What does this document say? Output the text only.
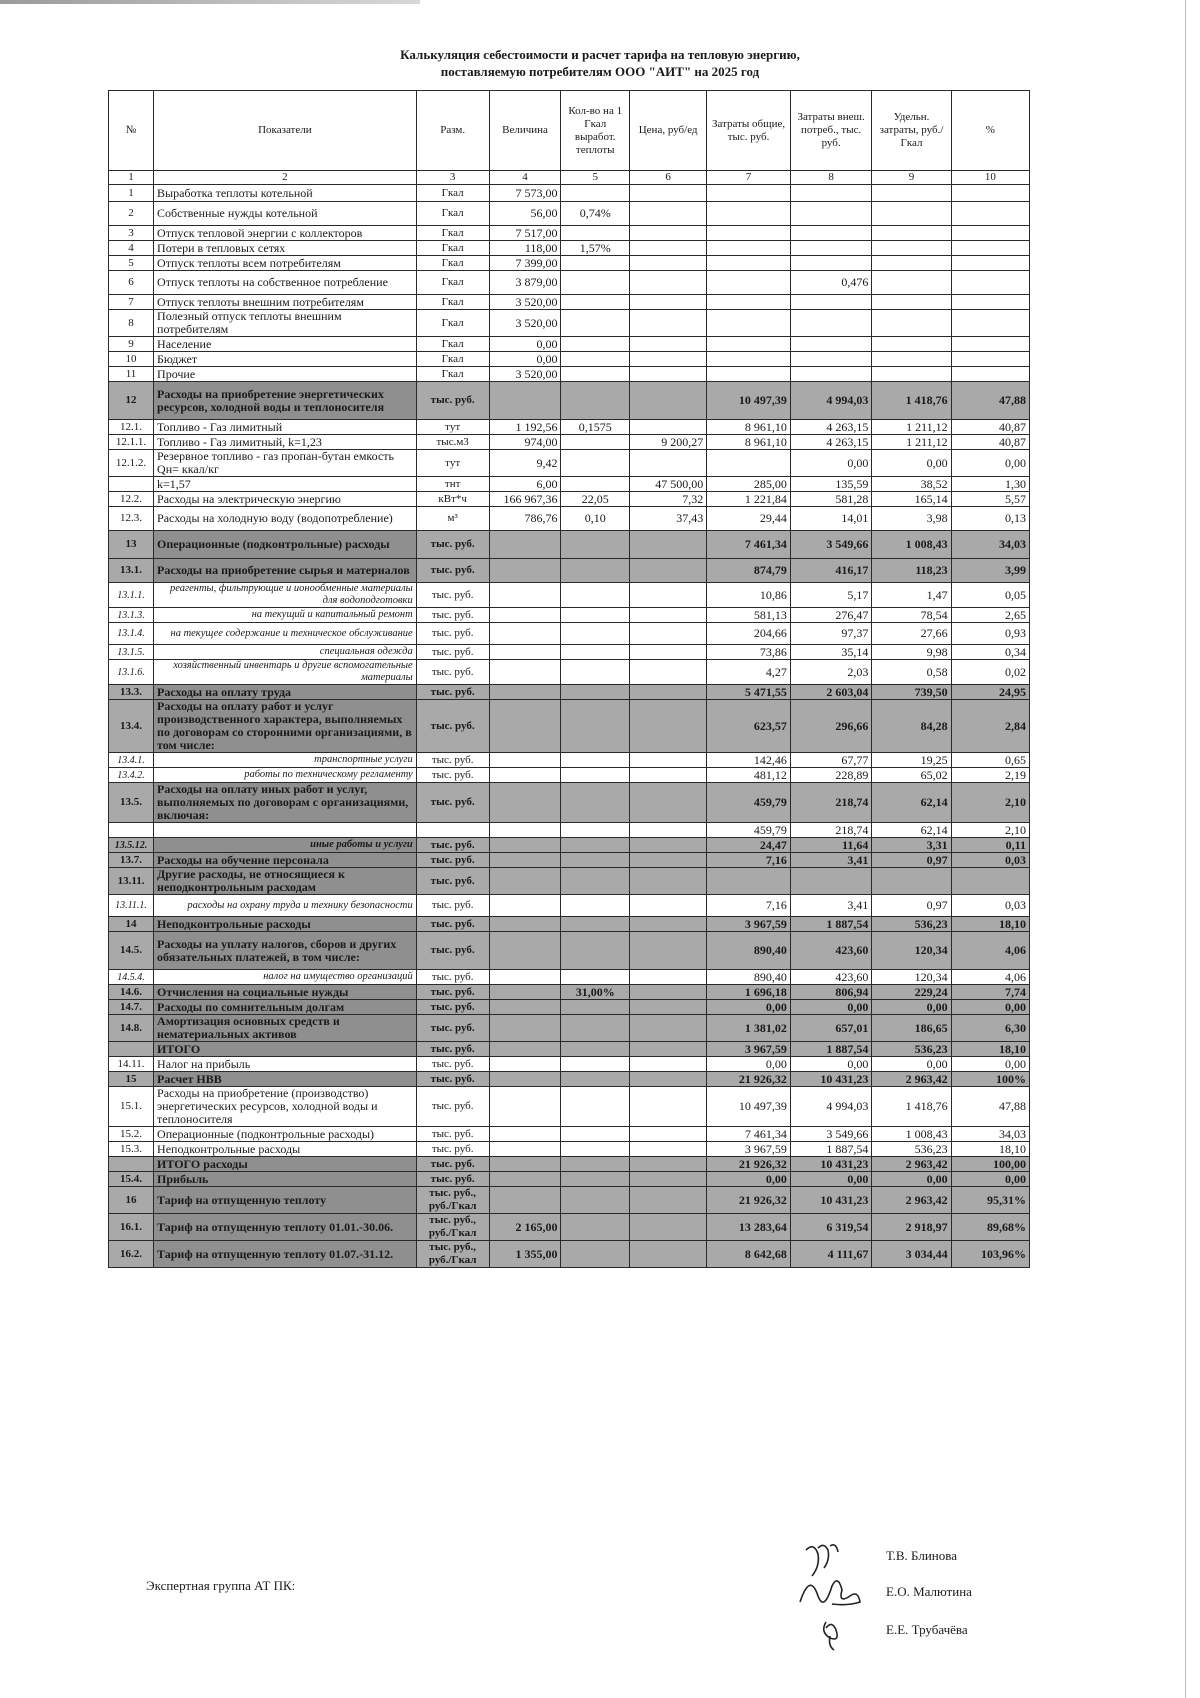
Калькуляция себестоимости и расчет тарифа на тепловую энергию,
поставляемую потребителям ООО "АИТ" на 2025 год
№	Показатели	Разм.	Величина	Кол-во на 1 Гкал выработ. теплоты	Цена, руб/ед	Затраты общие, тыс. руб.	Затраты внеш. потреб., тыс. руб.	Удельн. затраты, руб./Гкал	%
1	2	3	4	5	6	7	8	9	10
1	Выработка теплоты котельной	Гкал	7 573,00						
2	Собственные нужды котельной	Гкал	56,00	0,74%					
3	Отпуск тепловой энергии с коллекторов	Гкал	7 517,00						
4	Потери в тепловых сетях	Гкал	118,00	1,57%					
5	Отпуск теплоты всем потребителям	Гкал	7 399,00						
6	Отпуск теплоты на собственное потребление	Гкал	3 879,00				0,476		
7	Отпуск теплоты внешним потребителям	Гкал	3 520,00						
8	Полезный отпуск теплоты внешним потребителям	Гкал	3 520,00						
9	Население	Гкал	0,00						
10	Бюджет	Гкал	0,00						
11	Прочие	Гкал	3 520,00						
12	Расходы на приобретение энергетических ресурсов, холодной воды и теплоносителя	тыс. руб.				10 497,39	4 994,03	1 418,76	47,88
12.1.	Топливо - Газ лимитный	тут	1 192,56	0,1575		8 961,10	4 263,15	1 211,12	40,87
12.1.1.	Топливо - Газ лимитный, k=1,23	тыс.м3	974,00		9 200,27	8 961,10	4 263,15	1 211,12	40,87
12.1.2.	Резервное топливо - газ пропан-бутан емкость Qн= ккал/кг	тут	9,42				0,00	0,00	0,00
	k=1,57	тнт	6,00		47 500,00	285,00	135,59	38,52	1,30
12.2.	Расходы на электрическую энергию	кВт*ч	166 967,36	22,05	7,32	1 221,84	581,28	165,14	5,57
12.3.	Расходы на холодную воду (водопотребление)	м³	786,76	0,10	37,43	29,44	14,01	3,98	0,13
13	Операционные (подконтрольные) расходы	тыс. руб.				7 461,34	3 549,66	1 008,43	34,03
13.1.	Расходы на приобретение сырья и материалов	тыс. руб.				874,79	416,17	118,23	3,99
13.1.1.	реагенты, фильтрующие и ионообменные материалы для водоподготовки	тыс. руб.				10,86	5,17	1,47	0,05
13.1.3.	на текущий и капитальный ремонт	тыс. руб.				581,13	276,47	78,54	2,65
13.1.4.	на текущее содержание и техническое обслуживание	тыс. руб.				204,66	97,37	27,66	0,93
13.1.5.	специальная одежда	тыс. руб.				73,86	35,14	9,98	0,34
13.1.6.	хозяйственный инвентарь и другие вспомогательные материалы	тыс. руб.				4,27	2,03	0,58	0,02
13.3.	Расходы на оплату труда	тыс. руб.				5 471,55	2 603,04	739,50	24,95
13.4.	Расходы на оплату работ и услуг производственного характера, выполняемых по договорам со сторонними организациями, в том числе:	тыс. руб.				623,57	296,66	84,28	2,84
13.4.1.	транспортные услуги	тыс. руб.				142,46	67,77	19,25	0,65
13.4.2.	работы по техническому регламенту	тыс. руб.				481,12	228,89	65,02	2,19
13.5.	Расходы на оплату иных работ и услуг, выполняемых по договорам с организациями, включая:	тыс. руб.				459,79	218,74	62,14	2,10
						459,79	218,74	62,14	2,10
13.5.12.	иные работы и услуги	тыс. руб.				24,47	11,64	3,31	0,11
13.7.	Расходы на обучение персонала	тыс. руб.				7,16	3,41	0,97	0,03
13.11.	Другие расходы, не относящиеся к неподконтрольным расходам	тыс. руб.							
13.11.1.	расходы на охрану труда и технику безопасности	тыс. руб.				7,16	3,41	0,97	0,03
14	Неподконтрольные расходы	тыс. руб.				3 967,59	1 887,54	536,23	18,10
14.5.	Расходы на уплату налогов, сборов и других обязательных платежей, в том числе:	тыс. руб.				890,40	423,60	120,34	4,06
14.5.4.	налог на имущество организаций	тыс. руб.				890,40	423,60	120,34	4,06
14.6.	Отчисления на социальные нужды	тыс. руб.		31,00%		1 696,18	806,94	229,24	7,74
14.7.	Расходы по сомнительным долгам	тыс. руб.				0,00	0,00	0,00	0,00
14.8.	Амортизация основных средств и нематериальных активов	тыс. руб.				1 381,02	657,01	186,65	6,30
	ИТОГО	тыс. руб.				3 967,59	1 887,54	536,23	18,10
14.11.	Налог на прибыль	тыс. руб.				0,00	0,00	0,00	0,00
15	Расчет НВВ	тыс. руб.				21 926,32	10 431,23	2 963,42	100%
15.1.	Расходы на приобретение (производство) энергетических ресурсов, холодной воды и теплоносителя	тыс. руб.				10 497,39	4 994,03	1 418,76	47,88
15.2.	Операционные (подконтрольные расходы)	тыс. руб.				7 461,34	3 549,66	1 008,43	34,03
15.3.	Неподконтрольные расходы	тыс. руб.				3 967,59	1 887,54	536,23	18,10
	ИТОГО расходы	тыс. руб.				21 926,32	10 431,23	2 963,42	100,00
15.4.	Прибыль	тыс. руб.				0,00	0,00	0,00	0,00
16	Тариф на отпущенную теплоту	тыс. руб., руб./Гкал				21 926,32	10 431,23	2 963,42	95,31%
16.1.	Тариф на отпущенную теплоту 01.01.-30.06.	тыс. руб., руб./Гкал	2 165,00			13 283,64	6 319,54	2 918,97	89,68%
16.2.	Тариф на отпущенную теплоту 01.07.-31.12.	тыс. руб., руб./Гкал	1 355,00			8 642,68	4 111,67	3 034,44	103,96%
Экспертная группа АТ ПК:
Т.В. Блинова
Е.О. Малютина
Е.Е. Трубачёва
